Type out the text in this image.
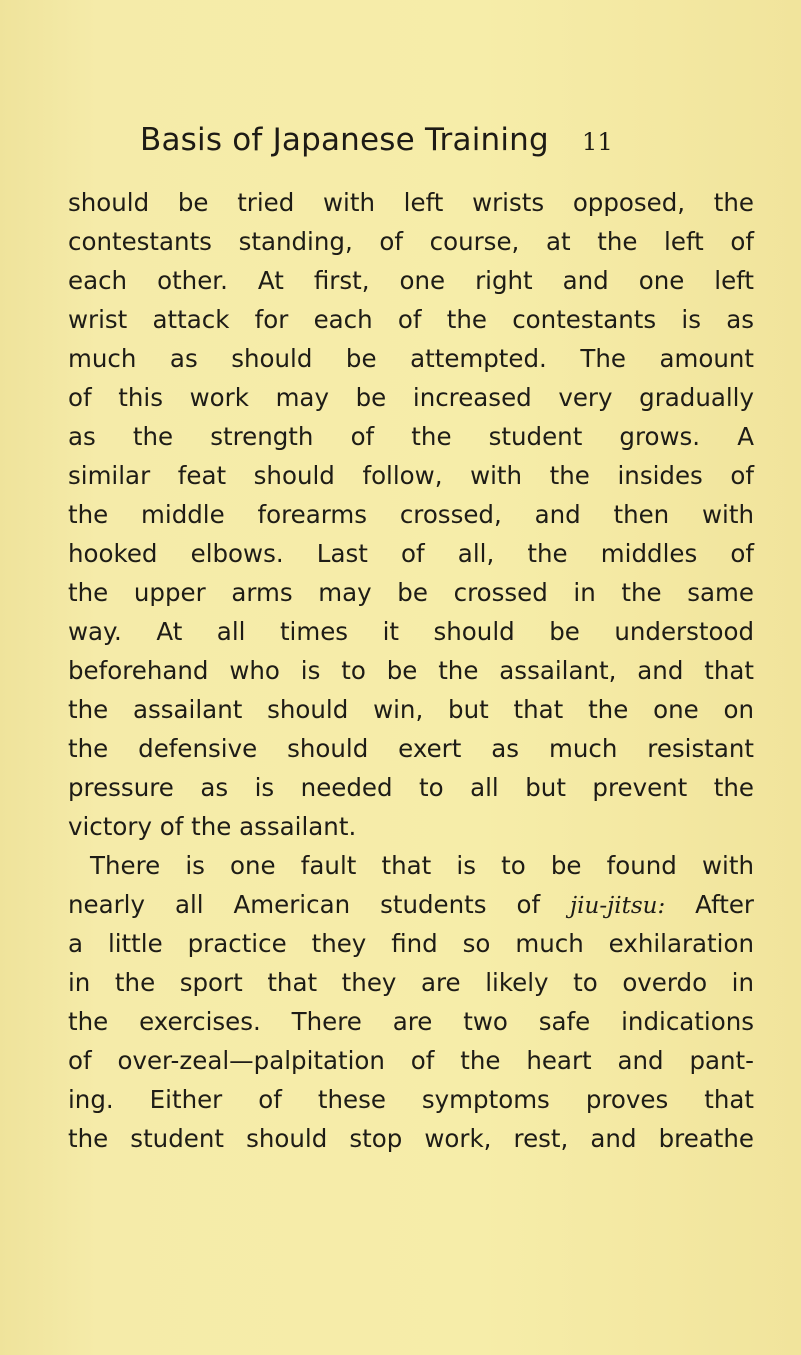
Basis of Japanese Training 11
should be tried with left wrists opposed, the
contestants standing, of course, at the left of
each other. At first, one right and one left
wrist attack for each of the contestants is as
much as should be attempted. The amount
of this work may be increased very gradually
as the strength of the student grows. A
similar feat should follow, with the insides of
the middle forearms crossed, and then with
hooked elbows. Last of all, the middles of
the upper arms may be crossed in the same
way. At all times it should be understood
beforehand who is to be the assailant, and that
the assailant should win, but that the one on
the defensive should exert as much resistant
pressure as is needed to all but prevent the
victory of the assailant.
There is one fault that is to be found with
nearly all American students of jiu-jitsu: After
a little practice they find so much exhilaration
in the sport that they are likely to overdo in
the exercises. There are two safe indications
of over-zeal—palpitation of the heart and pant-
ing. Either of these symptoms proves that
the student should stop work, rest, and breathe
